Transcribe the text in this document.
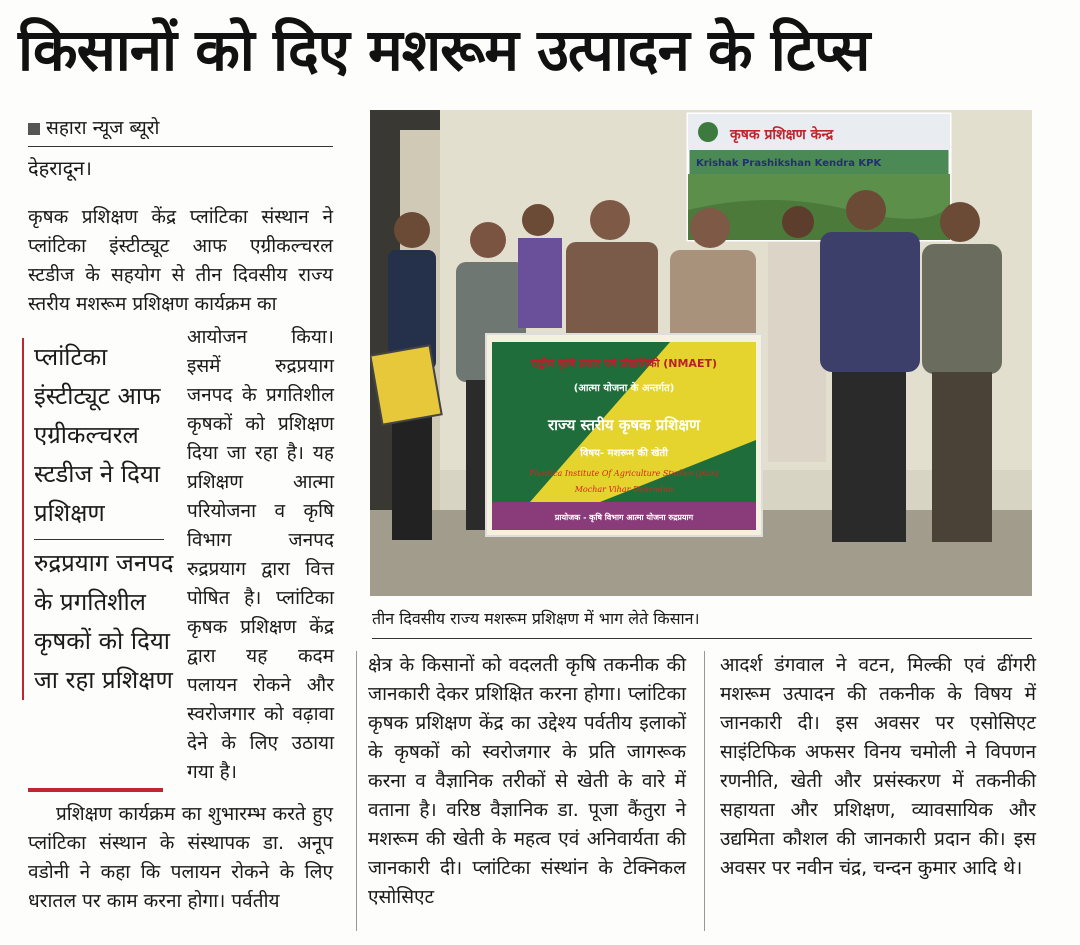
किसानों को दिए मशरूम उत्पादन के टिप्स
सहारा न्यूज ब्यूरो
देहरादून।
कृषक प्रशिक्षण केंद्र प्लांटिका संस्थान ने प्लांटिका इंस्टीट्यूट आफ एग्रीकल्चरल स्टडीज के सहयोग से तीन दिवसीय राज्य स्तरीय मशरूम प्रशिक्षण कार्यक्रम का
प्लांटिका इंस्टीट्यूट आफ एग्रीकल्चरल स्टडीज ने दिया प्रशिक्षण
रुद्रप्रयाग जनपद के प्रगतिशील कृषकों को दिया जा रहा प्रशिक्षण
आयोजन किया। इसमें रुद्रप्रयाग जनपद के प्रगतिशील कृषकों को प्रशिक्षण दिया जा रहा है। यह प्रशिक्षण आत्मा परियोजना व कृषि विभाग जनपद रुद्रप्रयाग द्वारा वित्त पोषित है। प्लांटिका कृषक प्रशिक्षण केंद्र द्वारा यह कदम पलायन रोकने और स्वरोजगार को वढ़ावा देने के लिए उठाया गया है।
प्रशिक्षण कार्यक्रम का शुभारम्भ करते हुए प्लांटिका संस्थान के संस्थापक डा. अनूप वडोनी ने कहा कि पलायन रोकने के लिए धरातल पर काम करना होगा। पर्वतीय
कृषक प्रशिक्षण केन्द्र
Krishak Prashikshan Kendra KPK
राष्ट्रीय कृषि प्रसार एवं प्रौद्योगिकी (NMAET)
(आत्मा योजना के अन्तर्गत)
राज्य स्तरीय कृषक प्रशिक्षण
विषय- मशरूम की खेती
Plantica Institute Of Agriculture Studies (pias)
Mochar Vihar Dehradun
प्रायोजक - कृषि विभाग आत्मा योजना रुद्रप्रयाग
तीन दिवसीय राज्य मशरूम प्रशिक्षण में भाग लेते किसान।
क्षेत्र के किसानों को वदलती कृषि तकनीक की जानकारी देकर प्रशिक्षित करना होगा। प्लांटिका कृषक प्रशिक्षण केंद्र का उद्देश्य पर्वतीय इलाकों के कृषकों को स्वरोजगार के प्रति जागरूक करना व वैज्ञानिक तरीकों से खेती के वारे में वताना है। वरिष्ठ वैज्ञानिक डा. पूजा कैंतुरा ने मशरूम की खेती के महत्व एवं अनिवार्यता की जानकारी दी। प्लांटिका संस्थांन के टेक्निकल एसोसिएट
आदर्श डंगवाल ने वटन, मिल्की एवं ढींगरी मशरूम उत्पादन की तकनीक के विषय में जानकारी दी। इस अवसर पर एसोसिएट साइंटिफिक अफसर विनय चमोली ने विपणन रणनीति, खेती और प्रसंस्करण में तकनीकी सहायता और प्रशिक्षण, व्यावसायिक और उद्यमिता कौशल की जानकारी प्रदान की। इस अवसर पर नवीन चंद्र, चन्दन कुमार आदि थे।
